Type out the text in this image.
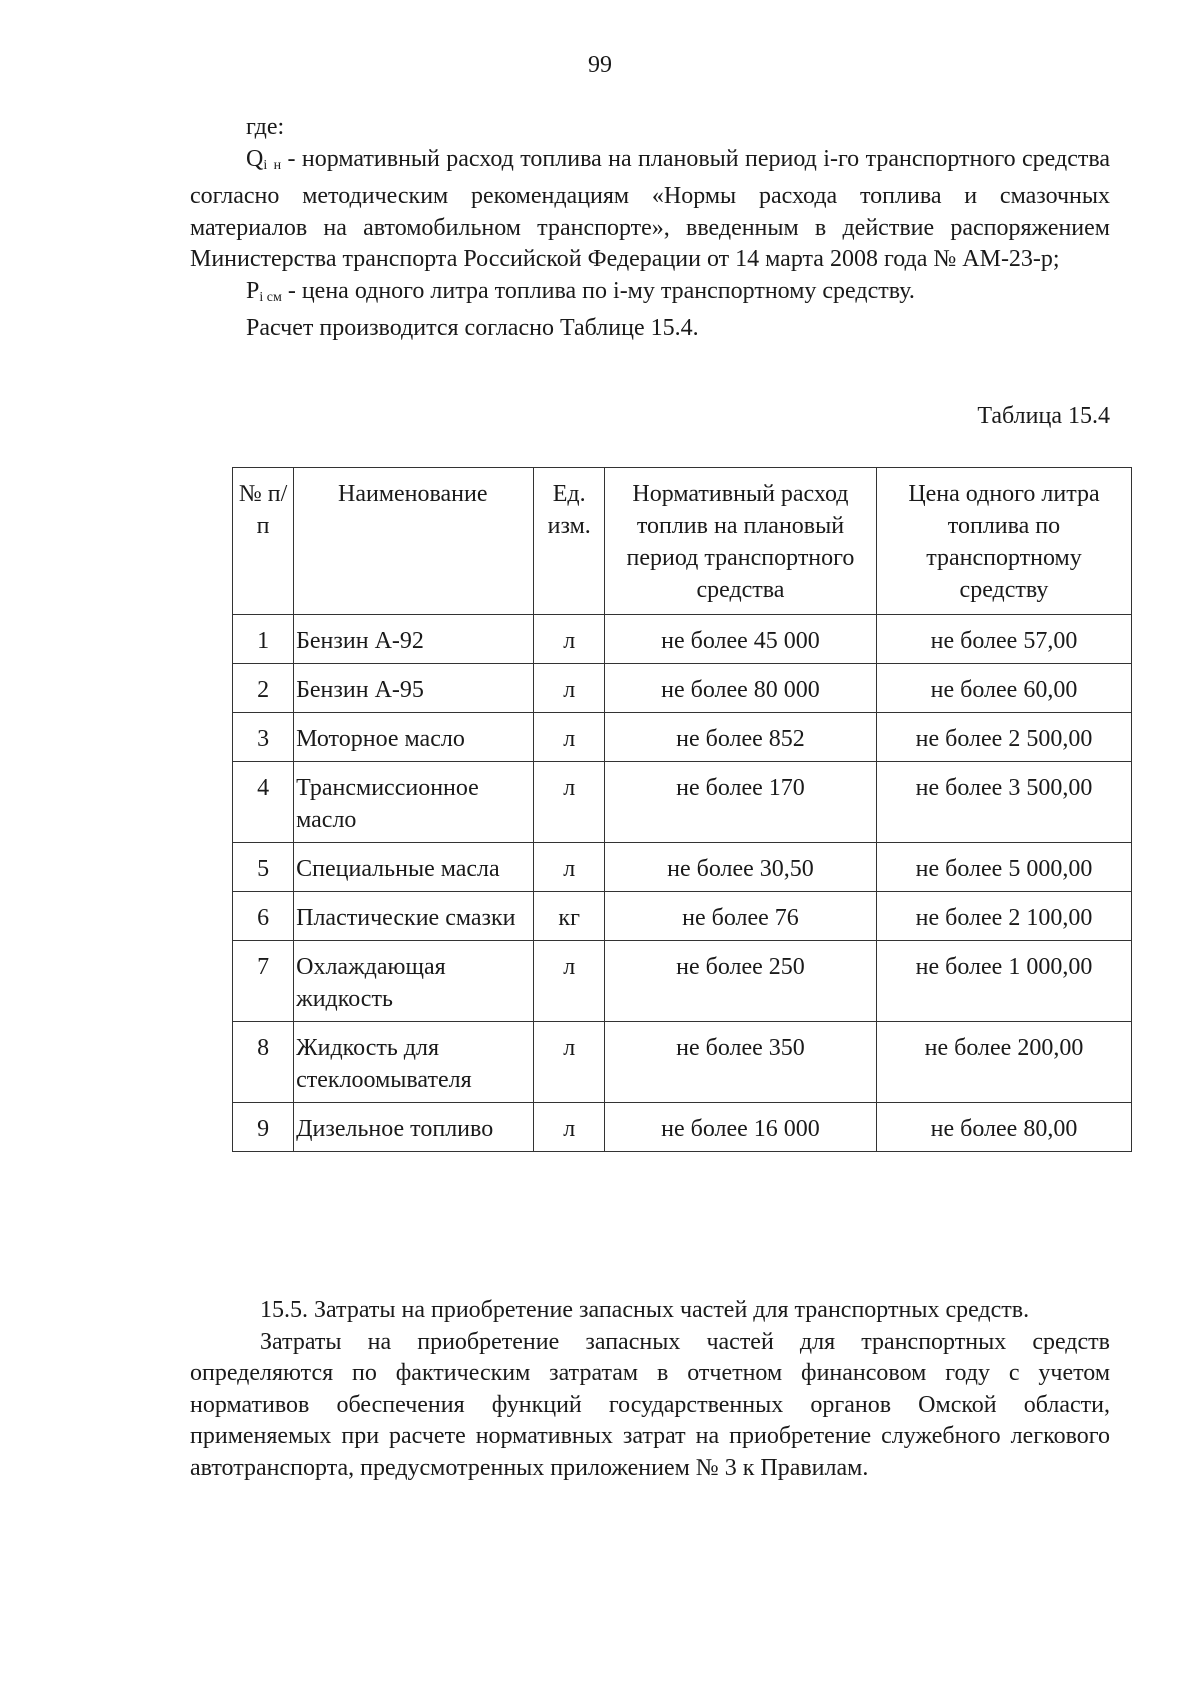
99

где:

$Q_i$ $_н$ - нормативный расход топлива на плановый период i-го транспортного средства согласно методическим рекомендациям «Нормы расхода топлива и смазочных материалов на автомобильном транспорте», введенным в действие распоряжением Министерства транспорта Российской Федерации от 14 марта 2008 года № АМ-23-р;

$P_{i см}$ - цена одного литра топлива по i-му транспортному средству.

Расчет производится согласно Таблице 15.4.

Таблица 15.4
№ п/п	Наименование	Ед. изм.	Нормативный расход топлив на плановый период транспортного средства	Цена одного литра топлива по транспортному средству
1	Бензин А-92	л	не более 45 000	не более 57,00
2	Бензин А-95	л	не более 80 000	не более 60,00
3	Моторное масло	л	не более 852	не более 2 500,00
4	Трансмиссионное масло	л	не более 170	не более 3 500,00
5	Специальные масла	л	не более 30,50	не более 5 000,00
6	Пластические смазки	кг	не более 76	не более 2 100,00
7	Охлаждающая жидкость	л	не более 250	не более 1 000,00
8	Жидкость для стеклоомывателя	л	не более 350	не более 200,00
9	Дизельное топливо	л	не более 16 000	не более 80,00

15.5. Затраты на приобретение запасных частей для транспортных средств.

Затраты на приобретение запасных частей для транспортных средств определяются по фактическим затратам в отчетном финансовом году с учетом нормативов обеспечения функций государственных органов Омской области, применяемых при расчете нормативных затрат на приобретение служебного легкового автотранспорта, предусмотренных приложением № 3 к Правилам.
